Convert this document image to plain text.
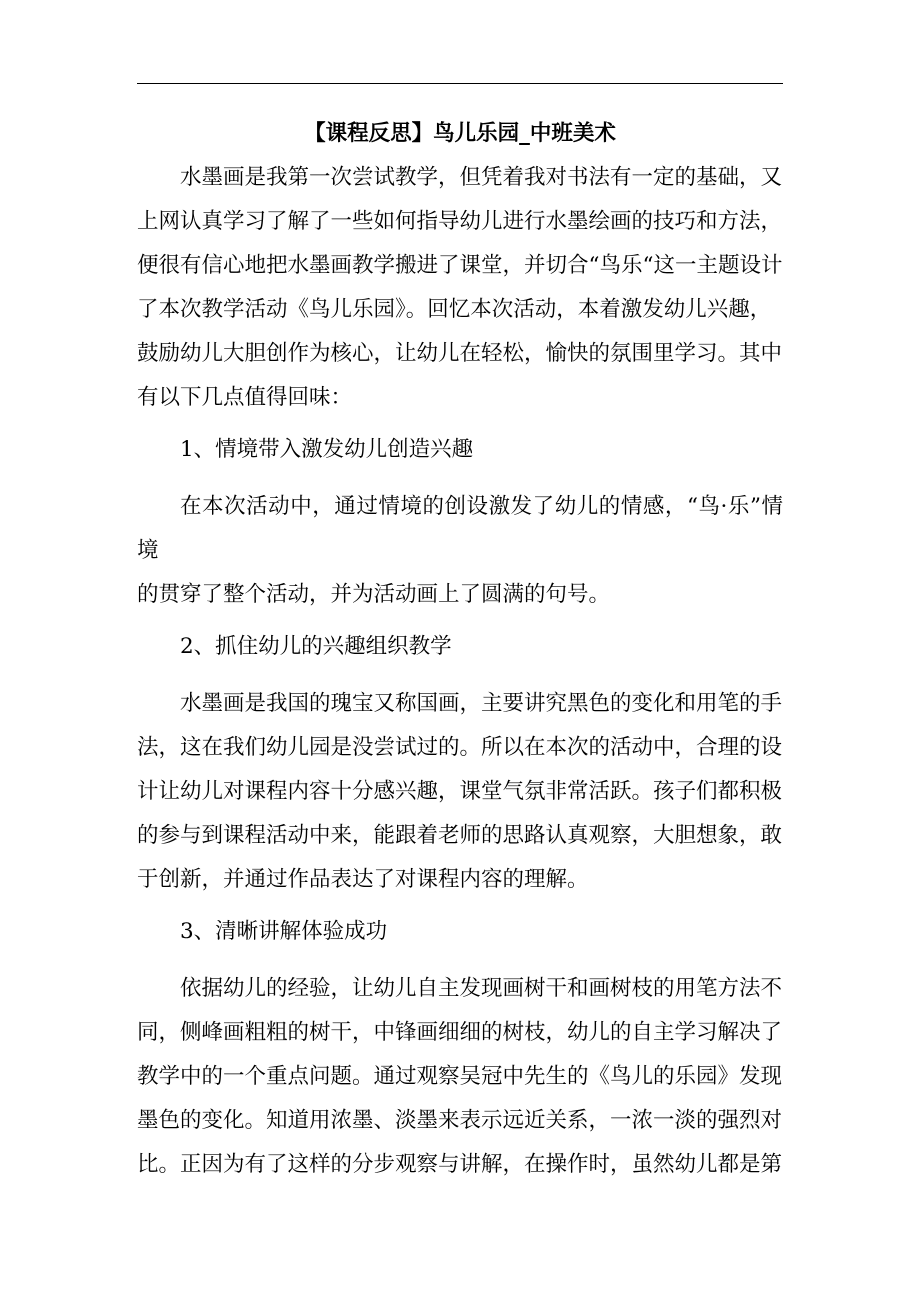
【课程反思】鸟儿乐园_中班美术

水墨画是我第一次尝试教学，但凭着我对书法有一定的基础，又
上网认真学习了解了一些如何指导幼儿进行水墨绘画的技巧和方法，
便很有信心地把水墨画教学搬进了课堂，并切合“鸟乐“这一主题设计
了本次教学活动《鸟儿乐园》。回忆本次活动，本着激发幼儿兴趣，
鼓励幼儿大胆创作为核心，让幼儿在轻松，愉快的氛围里学习。其中
有以下几点值得回味：

1、情境带入激发幼儿创造兴趣

在本次活动中，通过情境的创设激发了幼儿的情感，“鸟·乐”情境
的贯穿了整个活动，并为活动画上了圆满的句号。

2、抓住幼儿的兴趣组织教学

水墨画是我国的瑰宝又称国画，主要讲究黑色的变化和用笔的手
法，这在我们幼儿园是没尝试过的。所以在本次的活动中，合理的设
计让幼儿对课程内容十分感兴趣，课堂气氛非常活跃。孩子们都积极
的参与到课程活动中来，能跟着老师的思路认真观察，大胆想象，敢
于创新，并通过作品表达了对课程内容的理解。

3、清晰讲解体验成功

依据幼儿的经验，让幼儿自主发现画树干和画树枝的用笔方法不
同，侧峰画粗粗的树干，中锋画细细的树枝，幼儿的自主学习解决了
教学中的一个重点问题。通过观察吴冠中先生的《鸟儿的乐园》发现
墨色的变化。知道用浓墨、淡墨来表示远近关系，一浓一淡的强烈对
比。正因为有了这样的分步观察与讲解，在操作时，虽然幼儿都是第
